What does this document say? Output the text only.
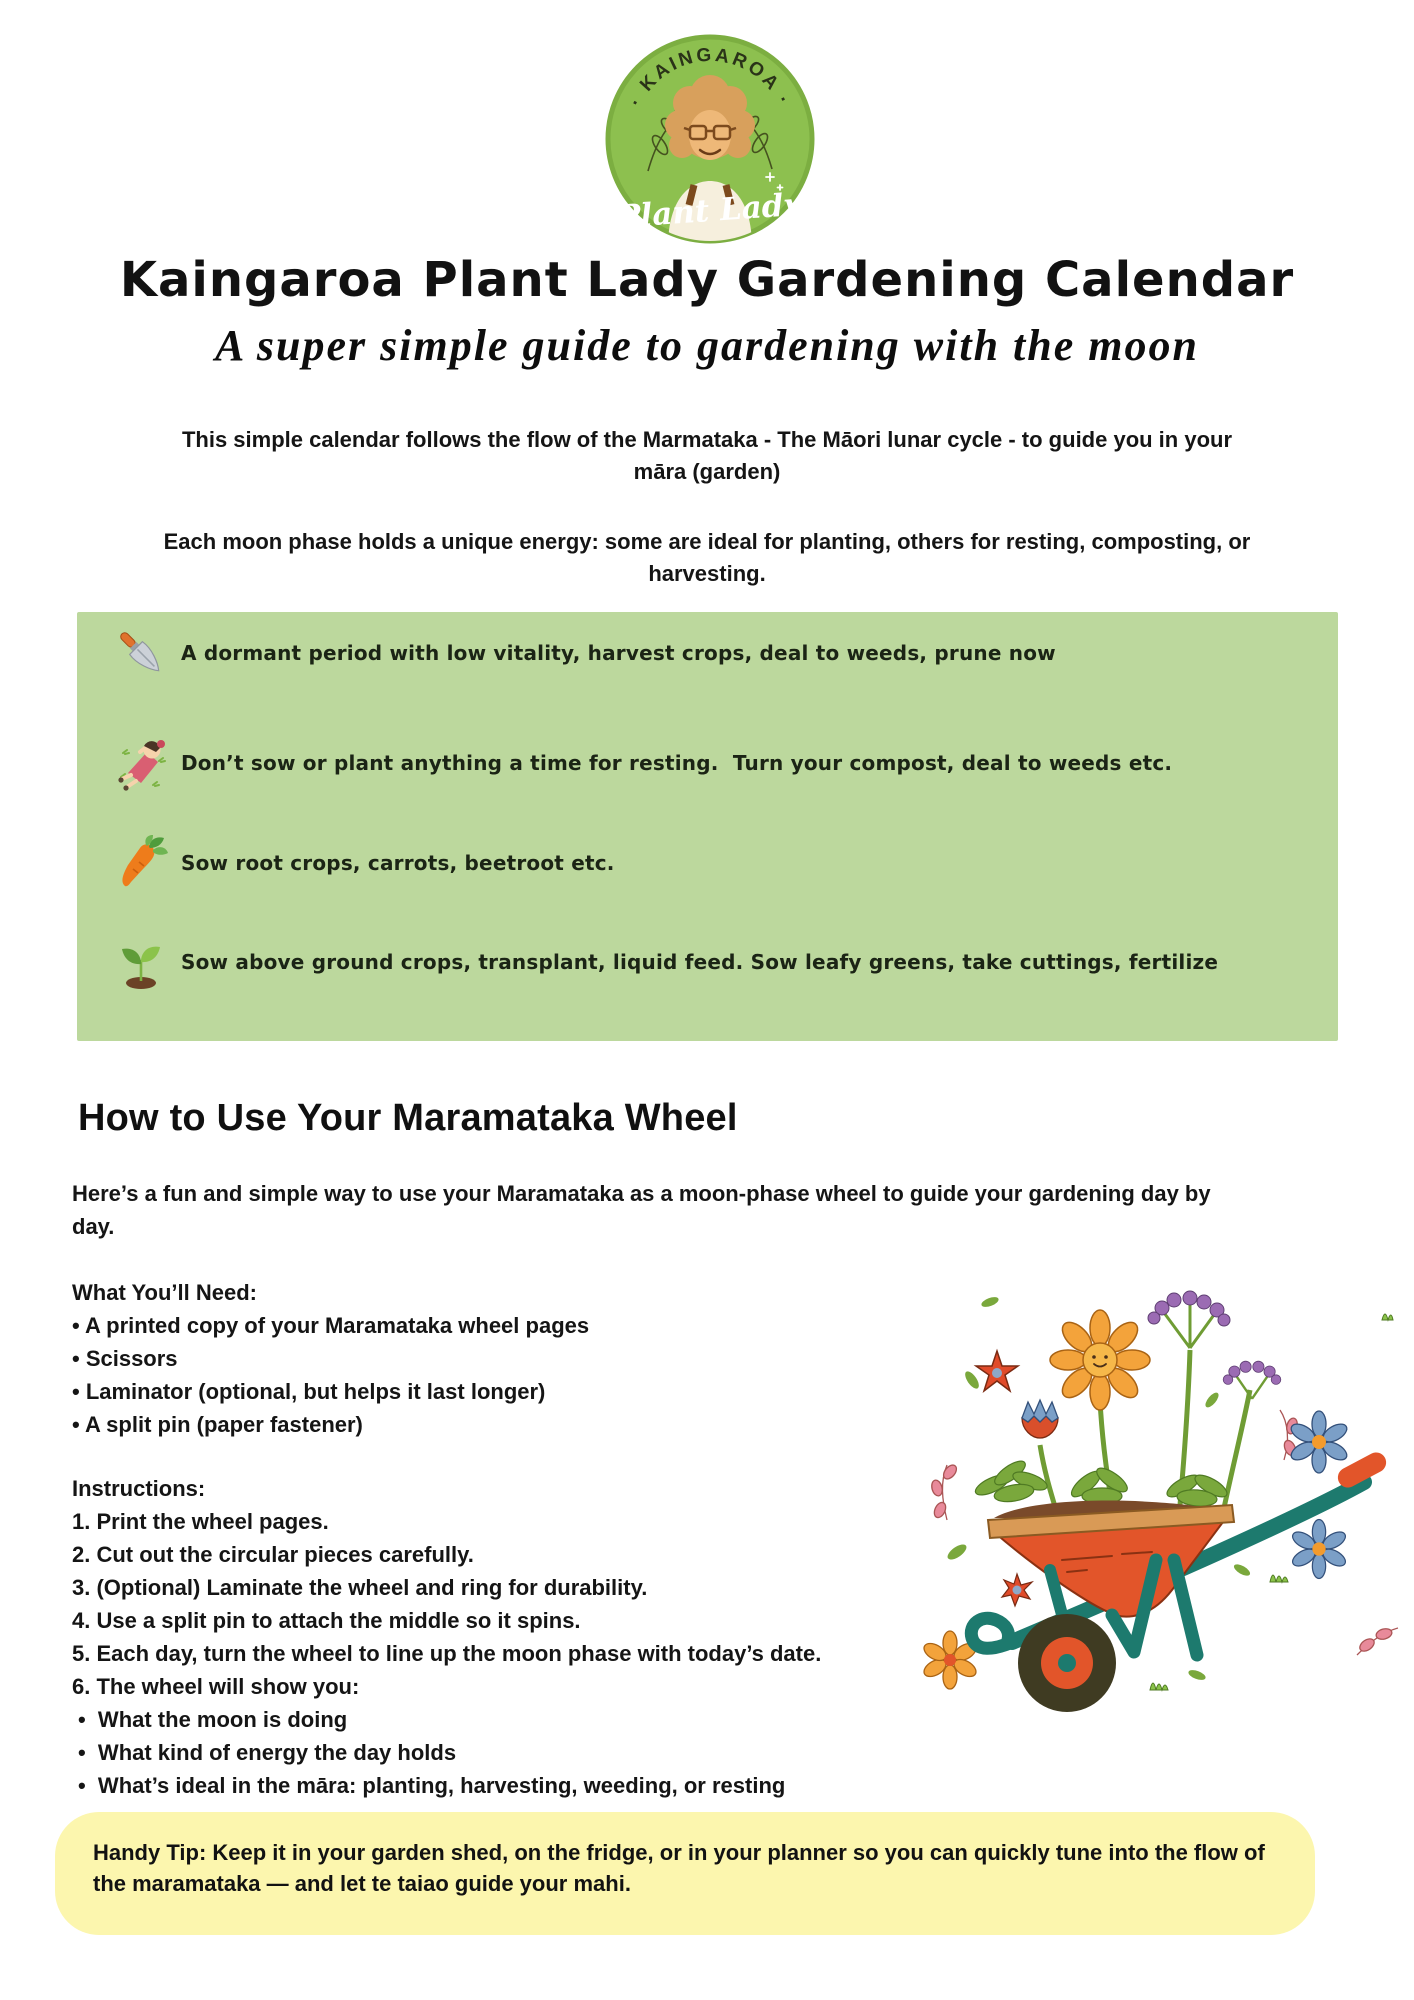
· KAINGAROA ·
Plant Lady
Kaingaroa Plant Lady Gardening Calendar
A super simple guide to gardening with the moon
This simple calendar follows the flow of the Marmataka - The Māori lunar cycle - to guide you in your
māra (garden)
Each moon phase holds a unique energy: some are ideal for planting, others for resting, composting, or
harvesting.
A dormant period with low vitality, harvest crops, deal to weeds, prune now
Don’t sow or plant anything a time for resting.  Turn your compost, deal to weeds etc.
Sow root crops, carrots, beetroot etc.
Sow above ground crops, transplant, liquid feed. Sow leafy greens, take cuttings, fertilize
How to Use Your Maramataka Wheel
Here’s a fun and simple way to use your Maramataka as a moon-phase wheel to guide your gardening day by
day.
What You’ll Need:
• A printed copy of your Maramataka wheel pages
• Scissors
• Laminator (optional, but helps it last longer)
• A split pin (paper fastener)
Instructions:
1. Print the wheel pages.
2. Cut out the circular pieces carefully.
3. (Optional) Laminate the wheel and ring for durability.
4. Use a split pin to attach the middle so it spins.
5. Each day, turn the wheel to line up the moon phase with today’s date.
6. The wheel will show you:
•  What the moon is doing
•  What kind of energy the day holds
•  What’s ideal in the māra: planting, harvesting, weeding, or resting
Handy Tip: Keep it in your garden shed, on the fridge, or in your planner so you can quickly tune into the flow of the maramataka — and let te taiao guide your mahi.
